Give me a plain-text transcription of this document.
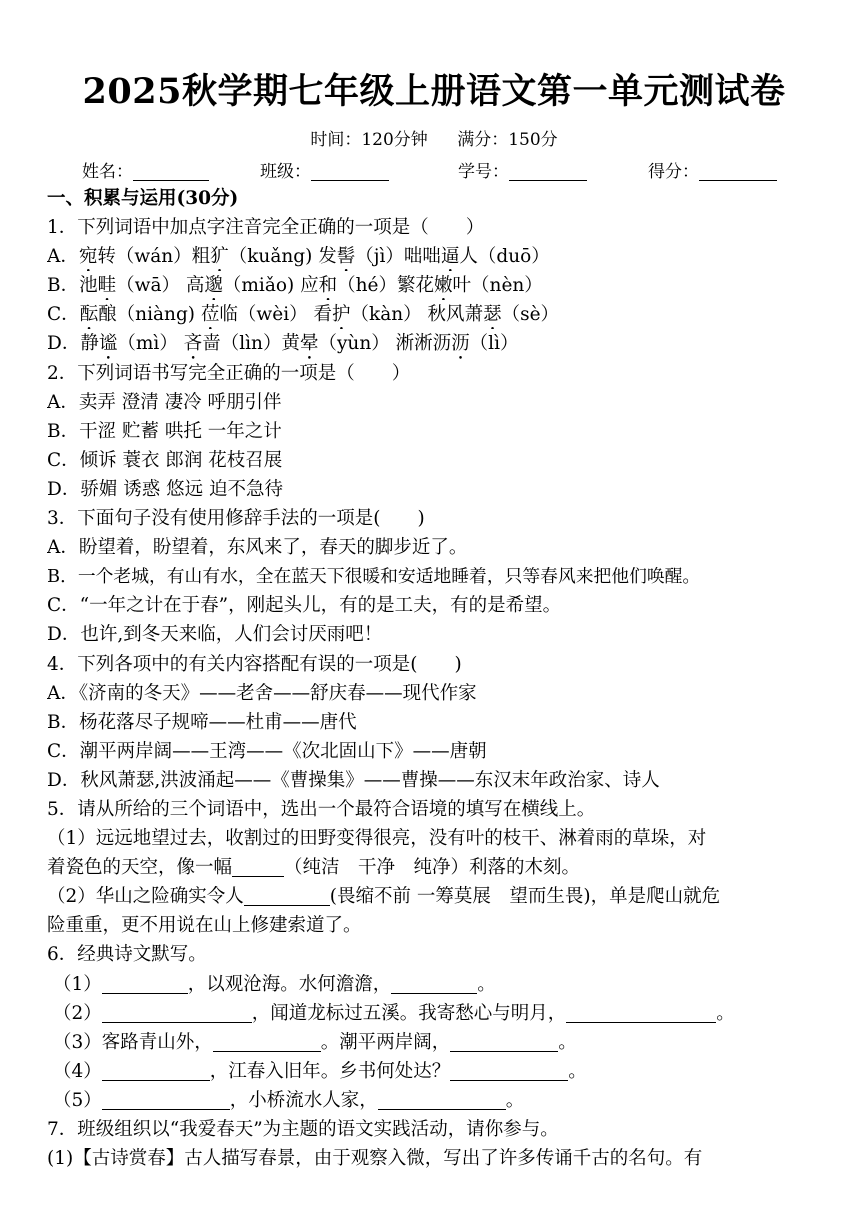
2025秋学期七年级上册语文第一单元测试卷
时间：120分钟 满分：150分
姓名：	班级：	学号：	得分：
一、积累与运用(30分)
1．下列词语中加点字注音完全正确的一项是（　　）
A．宛转（wán）粗犷（kuǎng) 发髻（jì）咄咄逼人（duō）
B．池畦（wā） 高邈（miǎo) 应和（hé）繁花嫩叶（nèn）
C．酝酿（niàng) 莅临（wèi） 看护（kàn） 秋风萧瑟（sè）
D．静谧（mì） 吝啬（lìn）黄晕（yùn） 淅淅沥沥（lì）
2．下列词语书写完全正确的一项是（　　）
A．卖弄 澄清 凄冷 呼朋引伴
B．干涩 贮蓄 哄托 一年之计
C．倾诉 蓑衣 郎润 花枝召展
D．骄媚 诱惑 悠远 迫不急待
3．下面句子没有使用修辞手法的一项是(　　)
A．盼望着，盼望着，东风来了，春天的脚步近了。
B．一个老城，有山有水，全在蓝天下很暖和安适地睡着，只等春风来把他们唤醒。
C．“一年之计在于春”，刚起头儿，有的是工夫，有的是希望。
D．也许,到冬天来临，人们会讨厌雨吧！
4．下列各项中的有关内容搭配有误的一项是(　　)
A．《济南的冬天》——老舍——舒庆春——现代作家
B．杨花落尽子规啼——杜甫——唐代
C．潮平两岸阔——王湾——《次北固山下》——唐朝
D．秋风萧瑟,洪波涌起——《曹操集》——曹操——东汉末年政治家、诗人
5．请从所给的三个词语中，选出一个最符合语境的填写在横线上。
（1）远远地望过去，收割过的田野变得很亮，没有叶的枝干、淋着雨的草垛，对
着瓷色的天空，像一幅	（纯洁　干净　纯净）利落的木刻。
（2）华山之险确实令人	(畏缩不前 一筹莫展　望而生畏)，单是爬山就危
险重重，更不用说在山上修建索道了。
6．经典诗文默写。
（1）	，以观沧海。水何澹澹，	。
（2）	，闻道龙标过五溪。我寄愁心与明月，	。
（3）客路青山外，	。潮平两岸阔，	。
（4）	，江春入旧年。乡书何处达？	。
（5）	，小桥流水人家，	。
7．班级组织以“我爱春天”为主题的语文实践活动，请你参与。
(1)【古诗赏春】古人描写春景，由于观察入微，写出了许多传诵千古的名句。有
